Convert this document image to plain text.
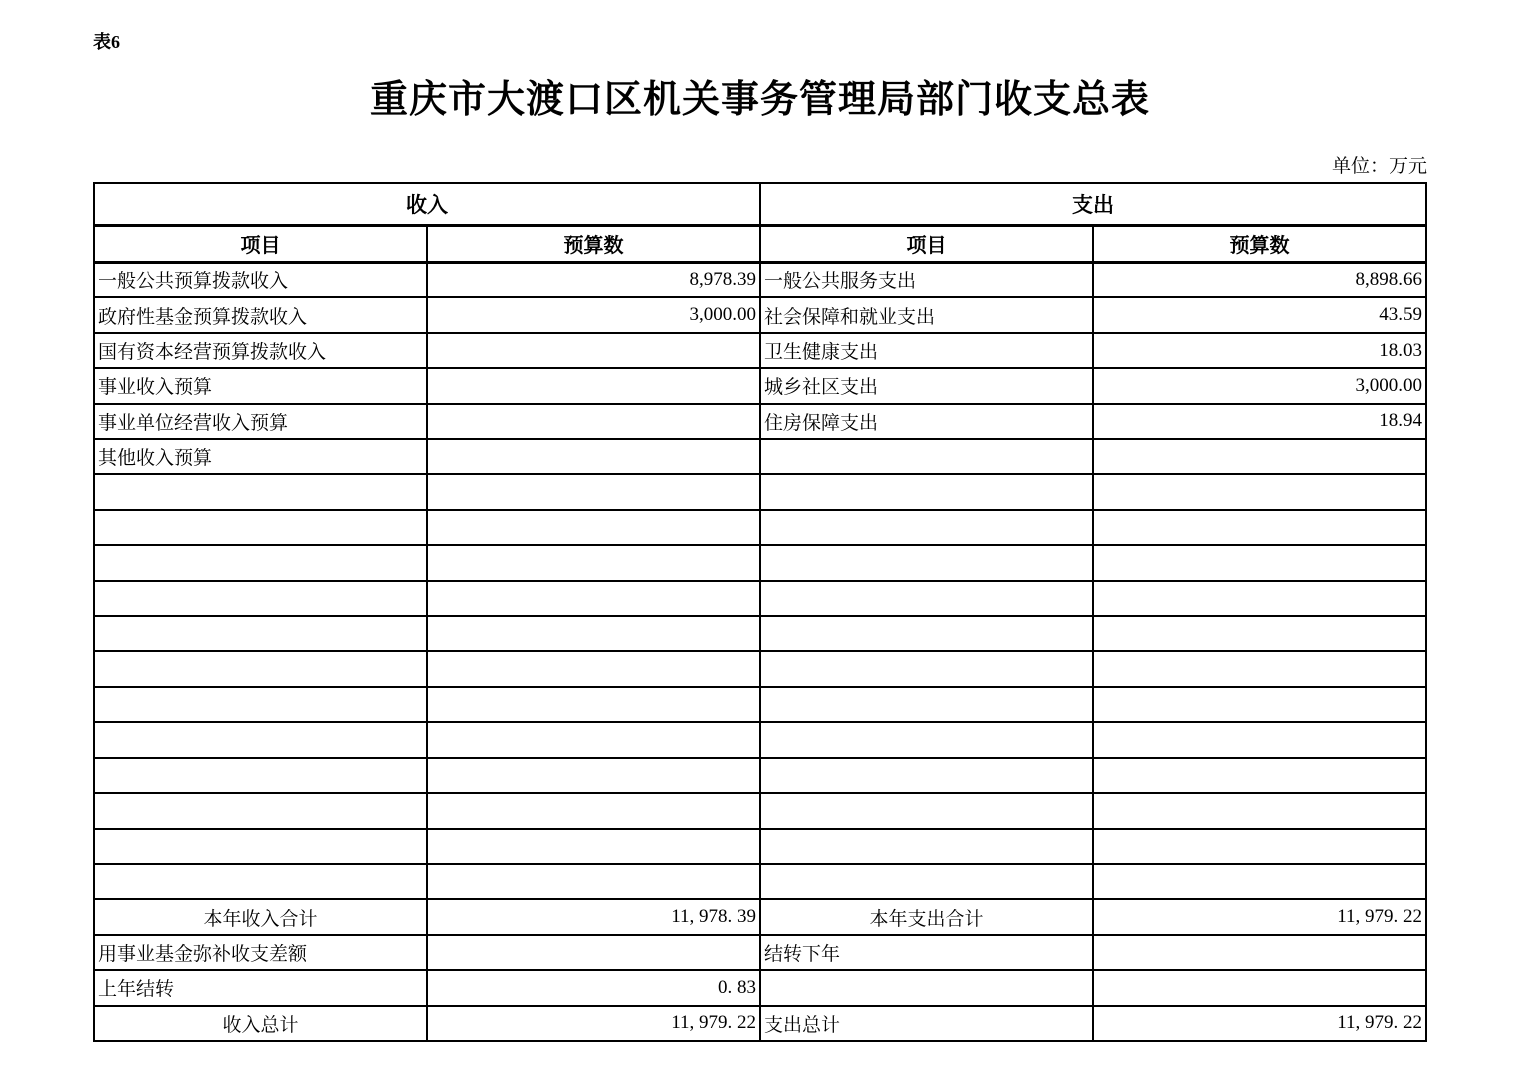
表6
重庆市大渡口区机关事务管理局部门收支总表
单位：万元
收入		支出	
项目	预算数	项目	预算数
一般公共预算拨款收入	8,978.39	一般公共服务支出	8,898.66
政府性基金预算拨款收入	3,000.00	社会保障和就业支出	43.59
国有资本经营预算拨款收入		卫生健康支出	18.03
事业收入预算		城乡社区支出	3,000.00
事业单位经营收入预算		住房保障支出	18.94
其他收入预算			

本年收入合计	11, 978. 39	本年支出合计	11, 979. 22
用事业基金弥补收支差额		结转下年	
上年结转	0. 83		
收入总计	11, 979. 22	支出总计	11, 979. 22
